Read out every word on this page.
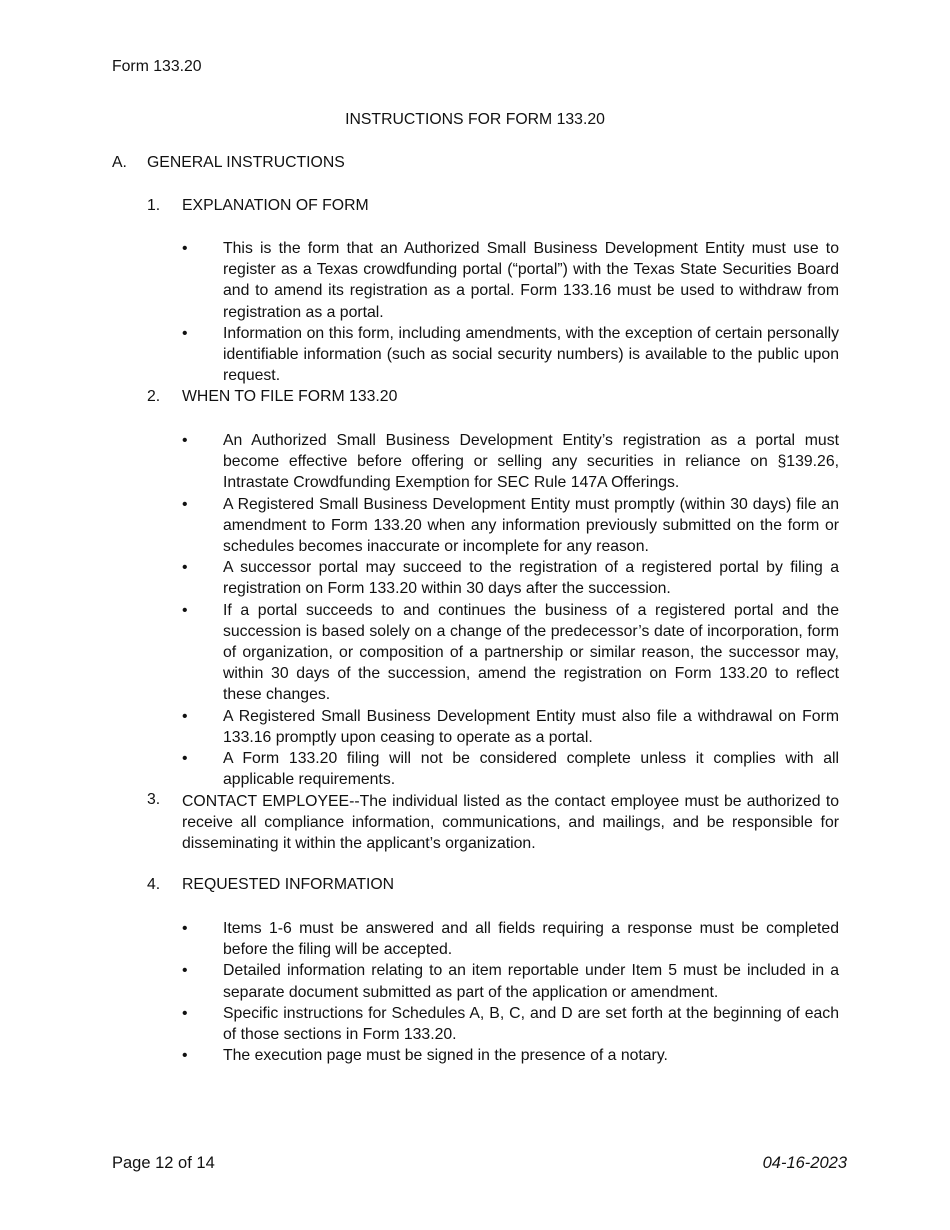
Form 133.20
INSTRUCTIONS FOR FORM 133.20
A. GENERAL INSTRUCTIONS
1. EXPLANATION OF FORM
• This is the form that an Authorized Small Business Development Entity must use to register as a Texas crowdfunding portal (“portal”) with the Texas State Securities Board and to amend its registration as a portal. Form 133.16 must be used to withdraw from registration as a portal.
• Information on this form, including amendments, with the exception of certain personally identifiable information (such as social security numbers) is available to the public upon request.
2. WHEN TO FILE FORM 133.20
• An Authorized Small Business Development Entity’s registration as a portal must become effective before offering or selling any securities in reliance on §139.26, Intrastate Crowdfunding Exemption for SEC Rule 147A Offerings.
• A Registered Small Business Development Entity must promptly (within 30 days) file an amendment to Form 133.20 when any information previously submitted on the form or schedules becomes inaccurate or incomplete for any reason.
• A successor portal may succeed to the registration of a registered portal by filing a registration on Form 133.20 within 30 days after the succession.
• If a portal succeeds to and continues the business of a registered portal and the succession is based solely on a change of the predecessor’s date of incorporation, form of organization, or composition of a partnership or similar reason, the successor may, within 30 days of the succession, amend the registration on Form 133.20 to reflect these changes.
• A Registered Small Business Development Entity must also file a withdrawal on Form 133.16 promptly upon ceasing to operate as a portal.
• A Form 133.20 filing will not be considered complete unless it complies with all applicable requirements.
3.	CONTACT EMPLOYEE--The individual listed as the contact employee must be authorized to receive all compliance information, communications, and mailings, and be responsible for disseminating it within the applicant’s organization.
4. REQUESTED INFORMATION
• Items 1-6 must be answered and all fields requiring a response must be completed before the filing will be accepted.
• Detailed information relating to an item reportable under Item 5 must be included in a separate document submitted as part of the application or amendment.
• Specific instructions for Schedules A, B, C, and D are set forth at the beginning of each of those sections in Form 133.20.
• The execution page must be signed in the presence of a notary.
Page 12 of 14	04-16-2023
